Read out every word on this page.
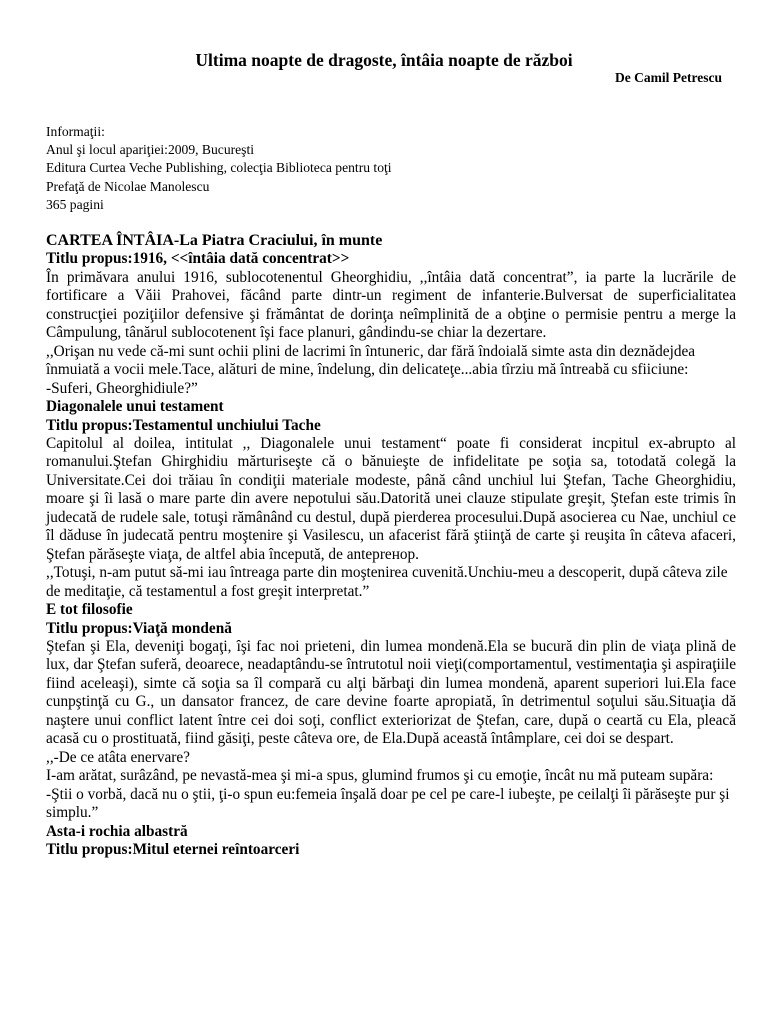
Ultima noapte de dragoste, întâia noapte de război
De Camil Petrescu
Informaţii:
Anul şi locul apariţiei:2009, Bucureşti
Editura Curtea Veche Publishing, colecţia Biblioteca pentru toţi
Prefaţă de Nicolae Manolescu
365 pagini
CARTEA ÎNTÂIA-La Piatra Craciului, în munte
Titlu propus:1916, <<întâia dată concentrat>>
În primăvara anului 1916, sublocotenentul Gheorghidiu, ,,întâia dată concentrat”, ia parte la lucrările de fortificare a Văii Prahovei, făcând parte dintr-un regiment de infanterie.Bulversat de superficialitatea construcţiei poziţiilor defensive şi frământat de dorinţa neîmplinită de a obţine o permisie pentru a merge la Câmpulung, tânărul sublocotenent îşi face planuri, gândindu-se chiar la dezertare.
,,Orişan nu vede că-mi sunt ochii plini de lacrimi în întuneric, dar fără îndoială simte asta din deznădejdea înmuiată a vocii mele.Tace, alături de mine, îndelung, din delicateţe...abia tîrziu mă întreabă cu sfiiciune:
-Suferi, Gheorghidiule?”
Diagonalele unui testament
Titlu propus:Testamentul unchiului Tache
Capitolul al doilea, intitulat ,, Diagonalele unui testament“ poate fi considerat incpitul ex-abrupto al romanului.Ştefan Ghirghidiu mărturiseşte că o bănuieşte de infidelitate pe soţia sa, totodată colegă la Universitate.Cei doi trăiau în condiţii materiale modeste, până când unchiul lui Ştefan, Tache Gheorghidiu, moare şi îi lasă o mare parte din avere nepotului său.Datorită unei clauze stipulate greşit, Ştefan este trimis în judecată de rudele sale, totuşi rămânând cu destul, după pierderea procesului.După asocierea cu Nae, unchiul ce îl dăduse în judecată pentru moştenire şi Vasilescu, un afacerist fără ştiinţă de carte şi reuşita în câteva afaceri, Ştefan părăseşte viaţa, de altfel abia începută, de antepreнор.
,,Totuşi, n-am putut să-mi iau întreaga parte din moştenirea cuvenită.Unchiu-meu a descoperit, după câteva zile de meditaţie, că testamentul a fost greşit interpretat.”
E tot filosofie
Titlu propus:Viaţă mondenă
Ştefan şi Ela, deveniţi bogaţi, îşi fac noi prieteni, din lumea mondenă.Ela se bucură din plin de viaţa plină de lux, dar Ştefan suferă, deoarece, neadaptându-se întrutotul noii vieţi(comportamentul, vestimentaţia şi aspiraţiile fiind aceleaşi), simte că soţia sa îl compară cu alţi bărbaţi din lumea mondenă, aparent superiori lui.Ela face cunpştinţă cu G., un dansator francez, de care devine foarte apropiată, în detrimentul soţului său.Situaţia dă naştere unui conflict latent între cei doi soţi, conflict exteriorizat de Ştefan, care, după o ceartă cu Ela, pleacă acasă cu o prostituată, fiind găsiţi, peste câteva ore, de Ela.După această întâmplare, cei doi se despart.
,,-De ce atâta enervare?
I-am arătat, surâzând, pe nevastă-mea şi mi-a spus, glumind frumos şi cu emoţie, încât nu mă puteam supăra:
-Ştii o vorbă, dacă nu o ştii, ţi-o spun eu:femeia înşală doar pe cel pe care-l iubeşte, pe ceilalţi îi părăseşte pur şi simplu.”
Asta-i rochia albastră
Titlu propus:Mitul eternei reîntoarceri
